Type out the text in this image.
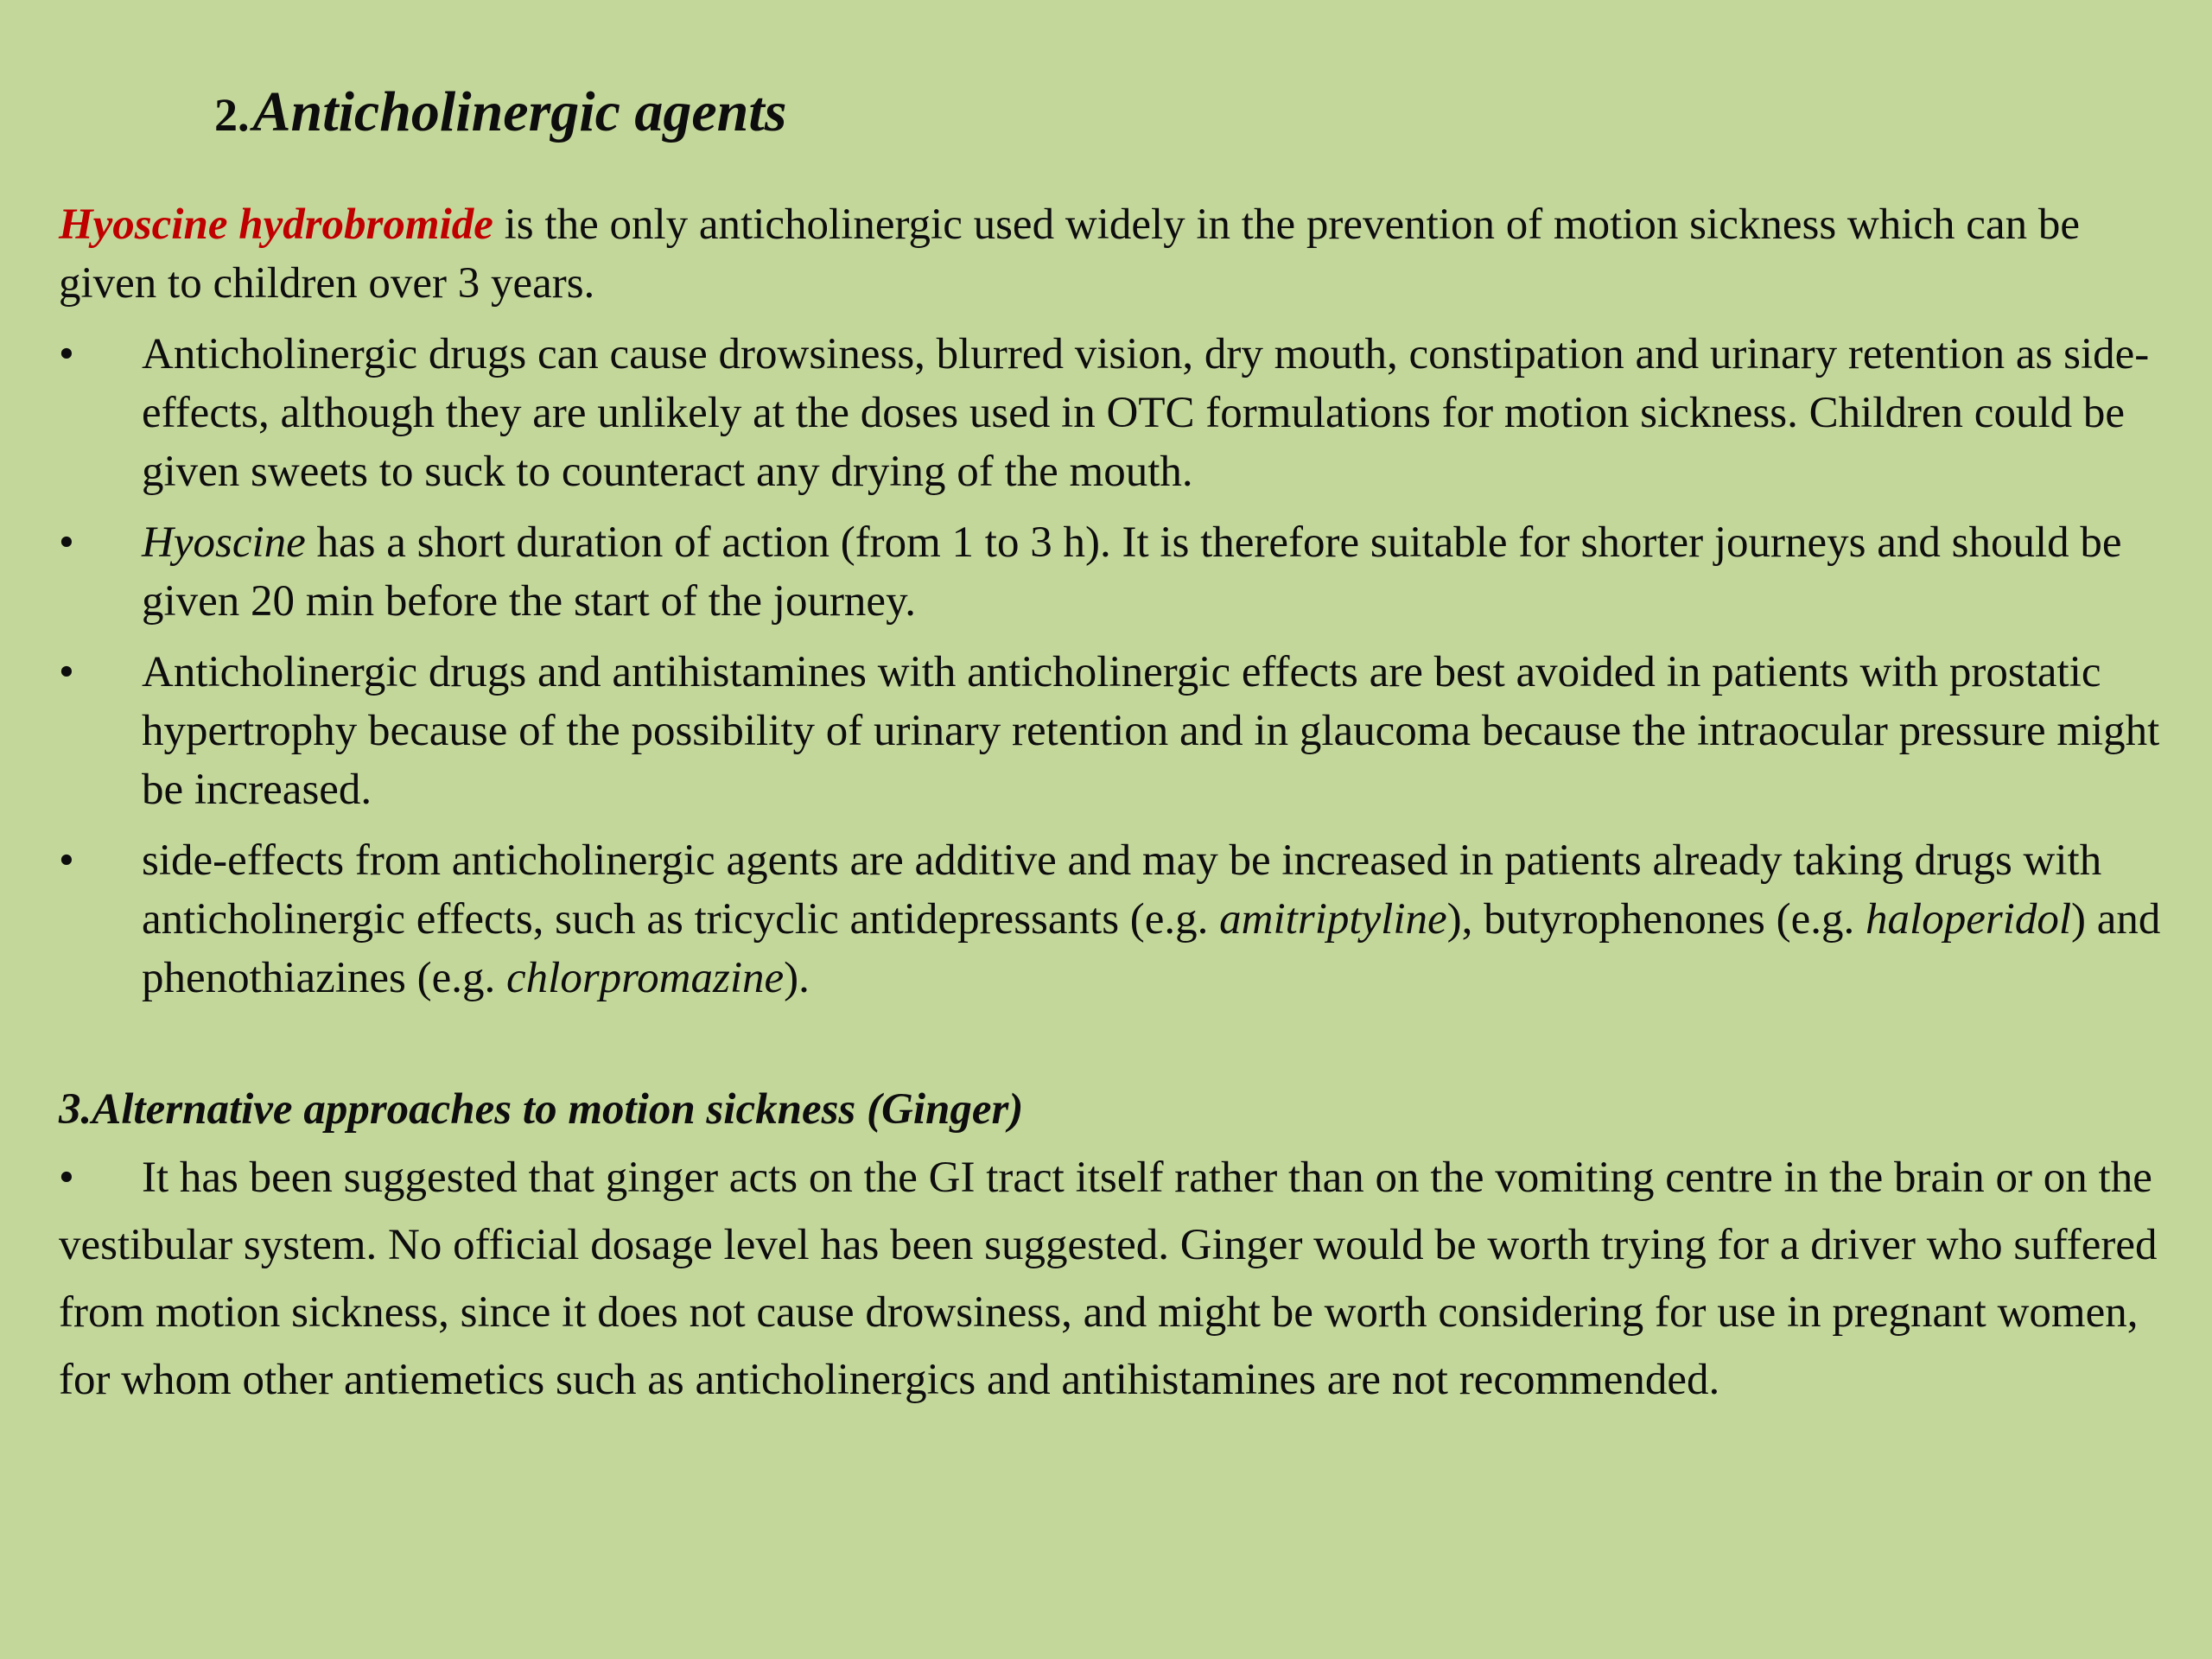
2. Anticholinergic agents

Hyoscine hydrobromide is the only anticholinergic used widely in the prevention of motion sickness which can be given to children over 3 years.

• Anticholinergic drugs can cause drowsiness, blurred vision, dry mouth, constipation and urinary retention as side-effects, although they are unlikely at the doses used in OTC formulations for motion sickness. Children could be given sweets to suck to counteract any drying of the mouth.
• Hyoscine has a short duration of action (from 1 to 3 h). It is therefore suitable for shorter journeys and should be given 20 min before the start of the journey.
• Anticholinergic drugs and antihistamines with anticholinergic effects are best avoided in patients with prostatic hypertrophy because of the possibility of urinary retention and in glaucoma because the intraocular pressure might be increased.
• side-effects from anticholinergic agents are additive and may be increased in patients already taking drugs with anticholinergic effects, such as tricyclic antidepressants (e.g. amitriptyline), butyrophenones (e.g. haloperidol) and phenothiazines (e.g. chlorpromazine).
3.Alternative approaches to motion sickness (Ginger)

• It has been suggested that ginger acts on the GI tract itself rather than on the vomiting centre in the brain or on the vestibular system. No official dosage level has been suggested. Ginger would be worth trying for a driver who suffered from motion sickness, since it does not cause drowsiness, and might be worth considering for use in pregnant women, for whom other antiemetics such as anticholinergics and antihistamines are not recommended.
